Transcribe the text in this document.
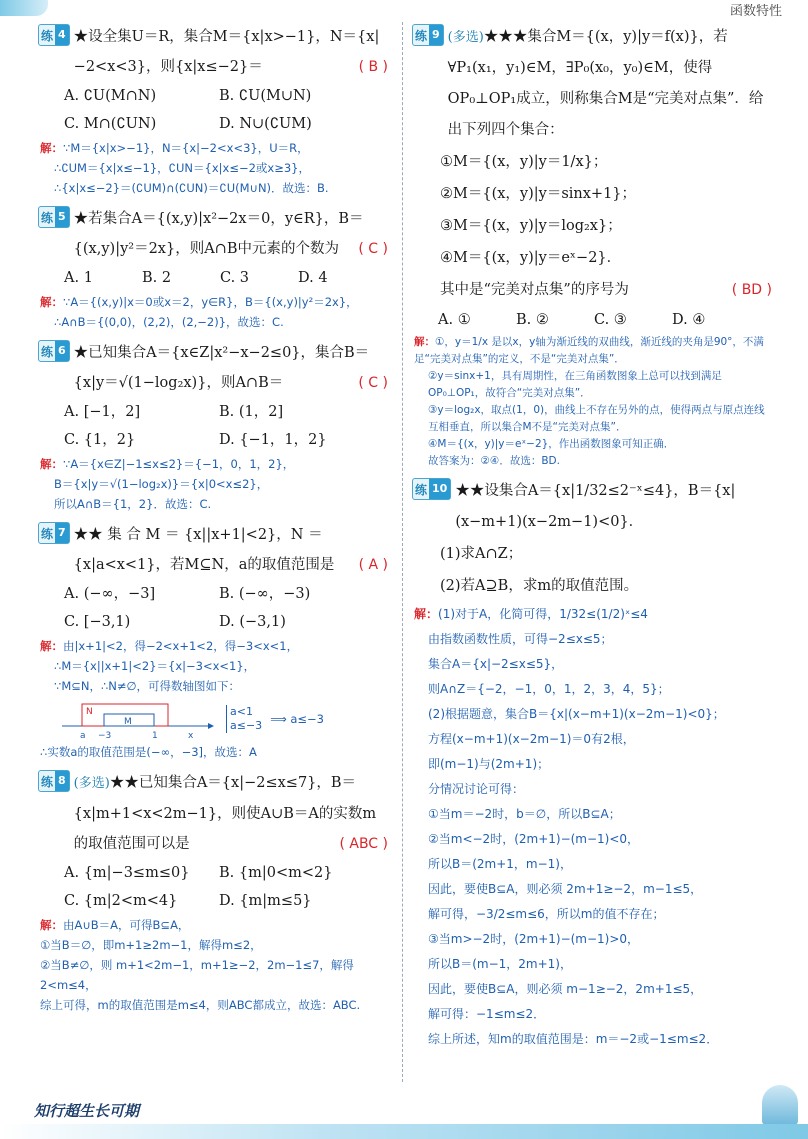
函数特性
练 4 ★设全集U＝R，集合M＝{x|x>−1}，N＝{x|−2<x<3}，则{x|x≤−2}＝	( B )
A. ∁U(M∩N)	B. ∁U(M∪N)
C. M∩(∁UN)	D. N∪(∁UM)
解：∵M＝{x|x>−1}，N＝{x|−2<x<3}，U＝R，
∴∁UM＝{x|x≤−1}，∁UN＝{x|x≤−2或x≥3}，
∴{x|x≤−2}＝(∁UM)∩(∁UN)＝∁U(M∪N)．故选：B.
练 5 ★若集合A＝{(x,y)|x²−2x＝0，y∈R}，B＝{(x,y)|y²＝2x}，则A∩B中元素的个数为 ( C )
A. 1	B. 2	C. 3	D. 4
解：∵A＝{(x,y)|x＝0或x＝2，y∈R}，B＝{(x,y)|y²＝2x}，
∴A∩B＝{(0,0)，(2,2)，(2,−2)}，故选：C.
练 6 ★已知集合A＝{x∈Z|x²−x−2≤0}，集合B＝{x|y＝√(1−log₂x)}，则A∩B＝	( C )
A. [−1，2]	B. (1，2]
C. {1，2}	D. {−1，1，2}
解：∵A＝{x∈Z|−1≤x≤2}＝{−1，0，1，2}，
B＝{x|y＝√(1−log₂x)}＝{x|0<x≤2}，
所以A∩B＝{1，2}．故选：C.
练 7 ★★ 集 合 M ＝ {x||x+1|<2}，N ＝ {x|a<x<1}，若M⊆N，a的取值范围是 ( A )
A. (−∞，−3]	B. (−∞，−3)
C. [−3,1)	D. (−3,1)
解：由|x+1|<2，得−2<x+1<2，得−3<x<1，
∴M＝{x||x+1|<2}＝{x|−3<x<1}，
∵M⊆N，∴N≠∅，可得数轴图如下：
N
M
a −3	1	x
a<1
a≤−3 ⟹ a≤−3
∴实数a的取值范围是(−∞，−3]，故选：A
练 8 (多选)★★已知集合A＝{x|−2≤x≤7}，B＝{x|m+1<x<2m−1}，则使A∪B＝A的实数m的取值范围可以是	( ABC )
A. {m|−3≤m≤0}	B. {m|0<m<2}
C. {m|2<m<4}	D. {m|m≤5}
解：由A∪B＝A，可得B⊆A，
①当B＝∅，即m+1≥2m−1，解得m≤2，
②当B≠∅，则 m+1<2m−1，m+1≥−2，2m−1≤7，解得2<m≤4，
综上可得，m的取值范围是m≤4，则ABC都成立，故选：ABC.
练 9 (多选)★★★集合M＝{(x，y)|y＝f(x)}，若∀P₁(x₁，y₁)∈M，∃P₀(x₀，y₀)∈M，使得OP₀⊥OP₁成立，则称集合M是“完美对点集”．给出下列四个集合：
①M＝{(x，y)|y＝1/x}；
②M＝{(x，y)|y＝sinx+1}；
③M＝{(x，y)|y＝log₂x}；
④M＝{(x，y)|y＝eˣ−2}．
其中是“完美对点集”的序号为	( BD )
A. ①	B. ②	C. ③	D. ④
解：①，y＝1/x 是以x，y轴为渐近线的双曲线，渐近线的夹角是90°，不满足“完美对点集”的定义，不是“完美对点集”．
②y＝sinx+1，具有周期性，在三角函数图象上总可以找到满足OP₀⊥OP₁，故符合“完美对点集”．
③y＝log₂x，取点(1，0)，曲线上不存在另外的点，使得两点与原点连线互相垂直，所以集合M不是“完美对点集”．
④M＝{(x，y)|y＝eˣ−2}，作出函数图象可知正确．
故答案为：②④．故选：BD.
练 10 ★★设集合A＝{x|1/32≤2⁻ˣ≤4}，B＝{x|(x−m+1)(x−2m−1)<0}．
(1)求A∩Z；
(2)若A⊇B，求m的取值范围。
解：(1)对于A，化简可得，1/32≤(1/2)ˣ≤4
由指数函数性质，可得−2≤x≤5；
集合A＝{x|−2≤x≤5}，
则A∩Z＝{−2，−1，0，1，2，3，4，5}；
(2)根据题意，集合B＝{x|(x−m+1)(x−2m−1)<0}；
方程(x−m+1)(x−2m−1)＝0有2根，
即(m−1)与(2m+1)；
分情况讨论可得：
①当m＝−2时，b＝∅，所以B⊆A；
②当m<−2时，(2m+1)−(m−1)<0，
所以B＝(2m+1，m−1)，
因此，要使B⊆A，则必须 2m+1≥−2，m−1≤5，
解可得，−3/2≤m≤6，所以m的值不存在；
③当m>−2时，(2m+1)−(m−1)>0，
所以B＝(m−1，2m+1)，
因此，要使B⊆A，则必须 m−1≥−2，2m+1≤5，
解可得：−1≤m≤2．
综上所述，知m的取值范围是：m＝−2或−1≤m≤2．
知行超生长可期
